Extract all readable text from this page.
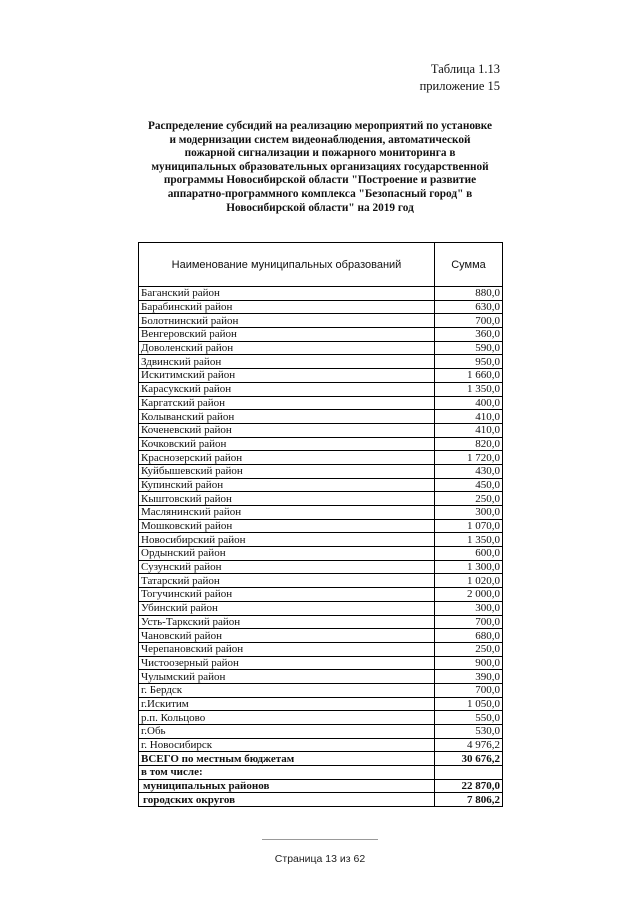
Таблица 1.13
приложение 15
Распределение субсидий на реализацию мероприятий по установке
и модернизации систем видеонаблюдения, автоматической
пожарной сигнализации и пожарного мониторинга в
муниципальных образовательных организациях государственной
программы Новосибирской области "Построение и развитие
аппаратно-программного комплекса "Безопасный город" в
Новосибирской области" на 2019 год
Наименование муниципальных образований	Сумма
Баганский район	880,0
Барабинский район	630,0
Болотнинский район	700,0
Венгеровский район	360,0
Доволенский район	590,0
Здвинский район	950,0
Искитимский район	1 660,0
Карасукский район	1 350,0
Каргатский район	400,0
Колыванский район	410,0
Коченевский район	410,0
Кочковский район	820,0
Краснозерский район	1 720,0
Куйбышевский район	430,0
Купинский район	450,0
Кыштовский район	250,0
Маслянинский район	300,0
Мошковский район	1 070,0
Новосибирский район	1 350,0
Ордынский район	600,0
Сузунский район	1 300,0
Татарский район	1 020,0
Тогучинский район	2 000,0
Убинский район	300,0
Усть-Таркский район	700,0
Чановский район	680,0
Черепановский район	250,0
Чистоозерный район	900,0
Чулымский район	390,0
г. Бердск	700,0
г.Искитим	1 050,0
р.п. Кольцово	550,0
г.Обь	530,0
г. Новосибирск	4 976,2
ВСЕГО по местным бюджетам	30 676,2
в том числе:	
муниципальных районов	22 870,0
городских округов	7 806,2
Страница 13 из 62
